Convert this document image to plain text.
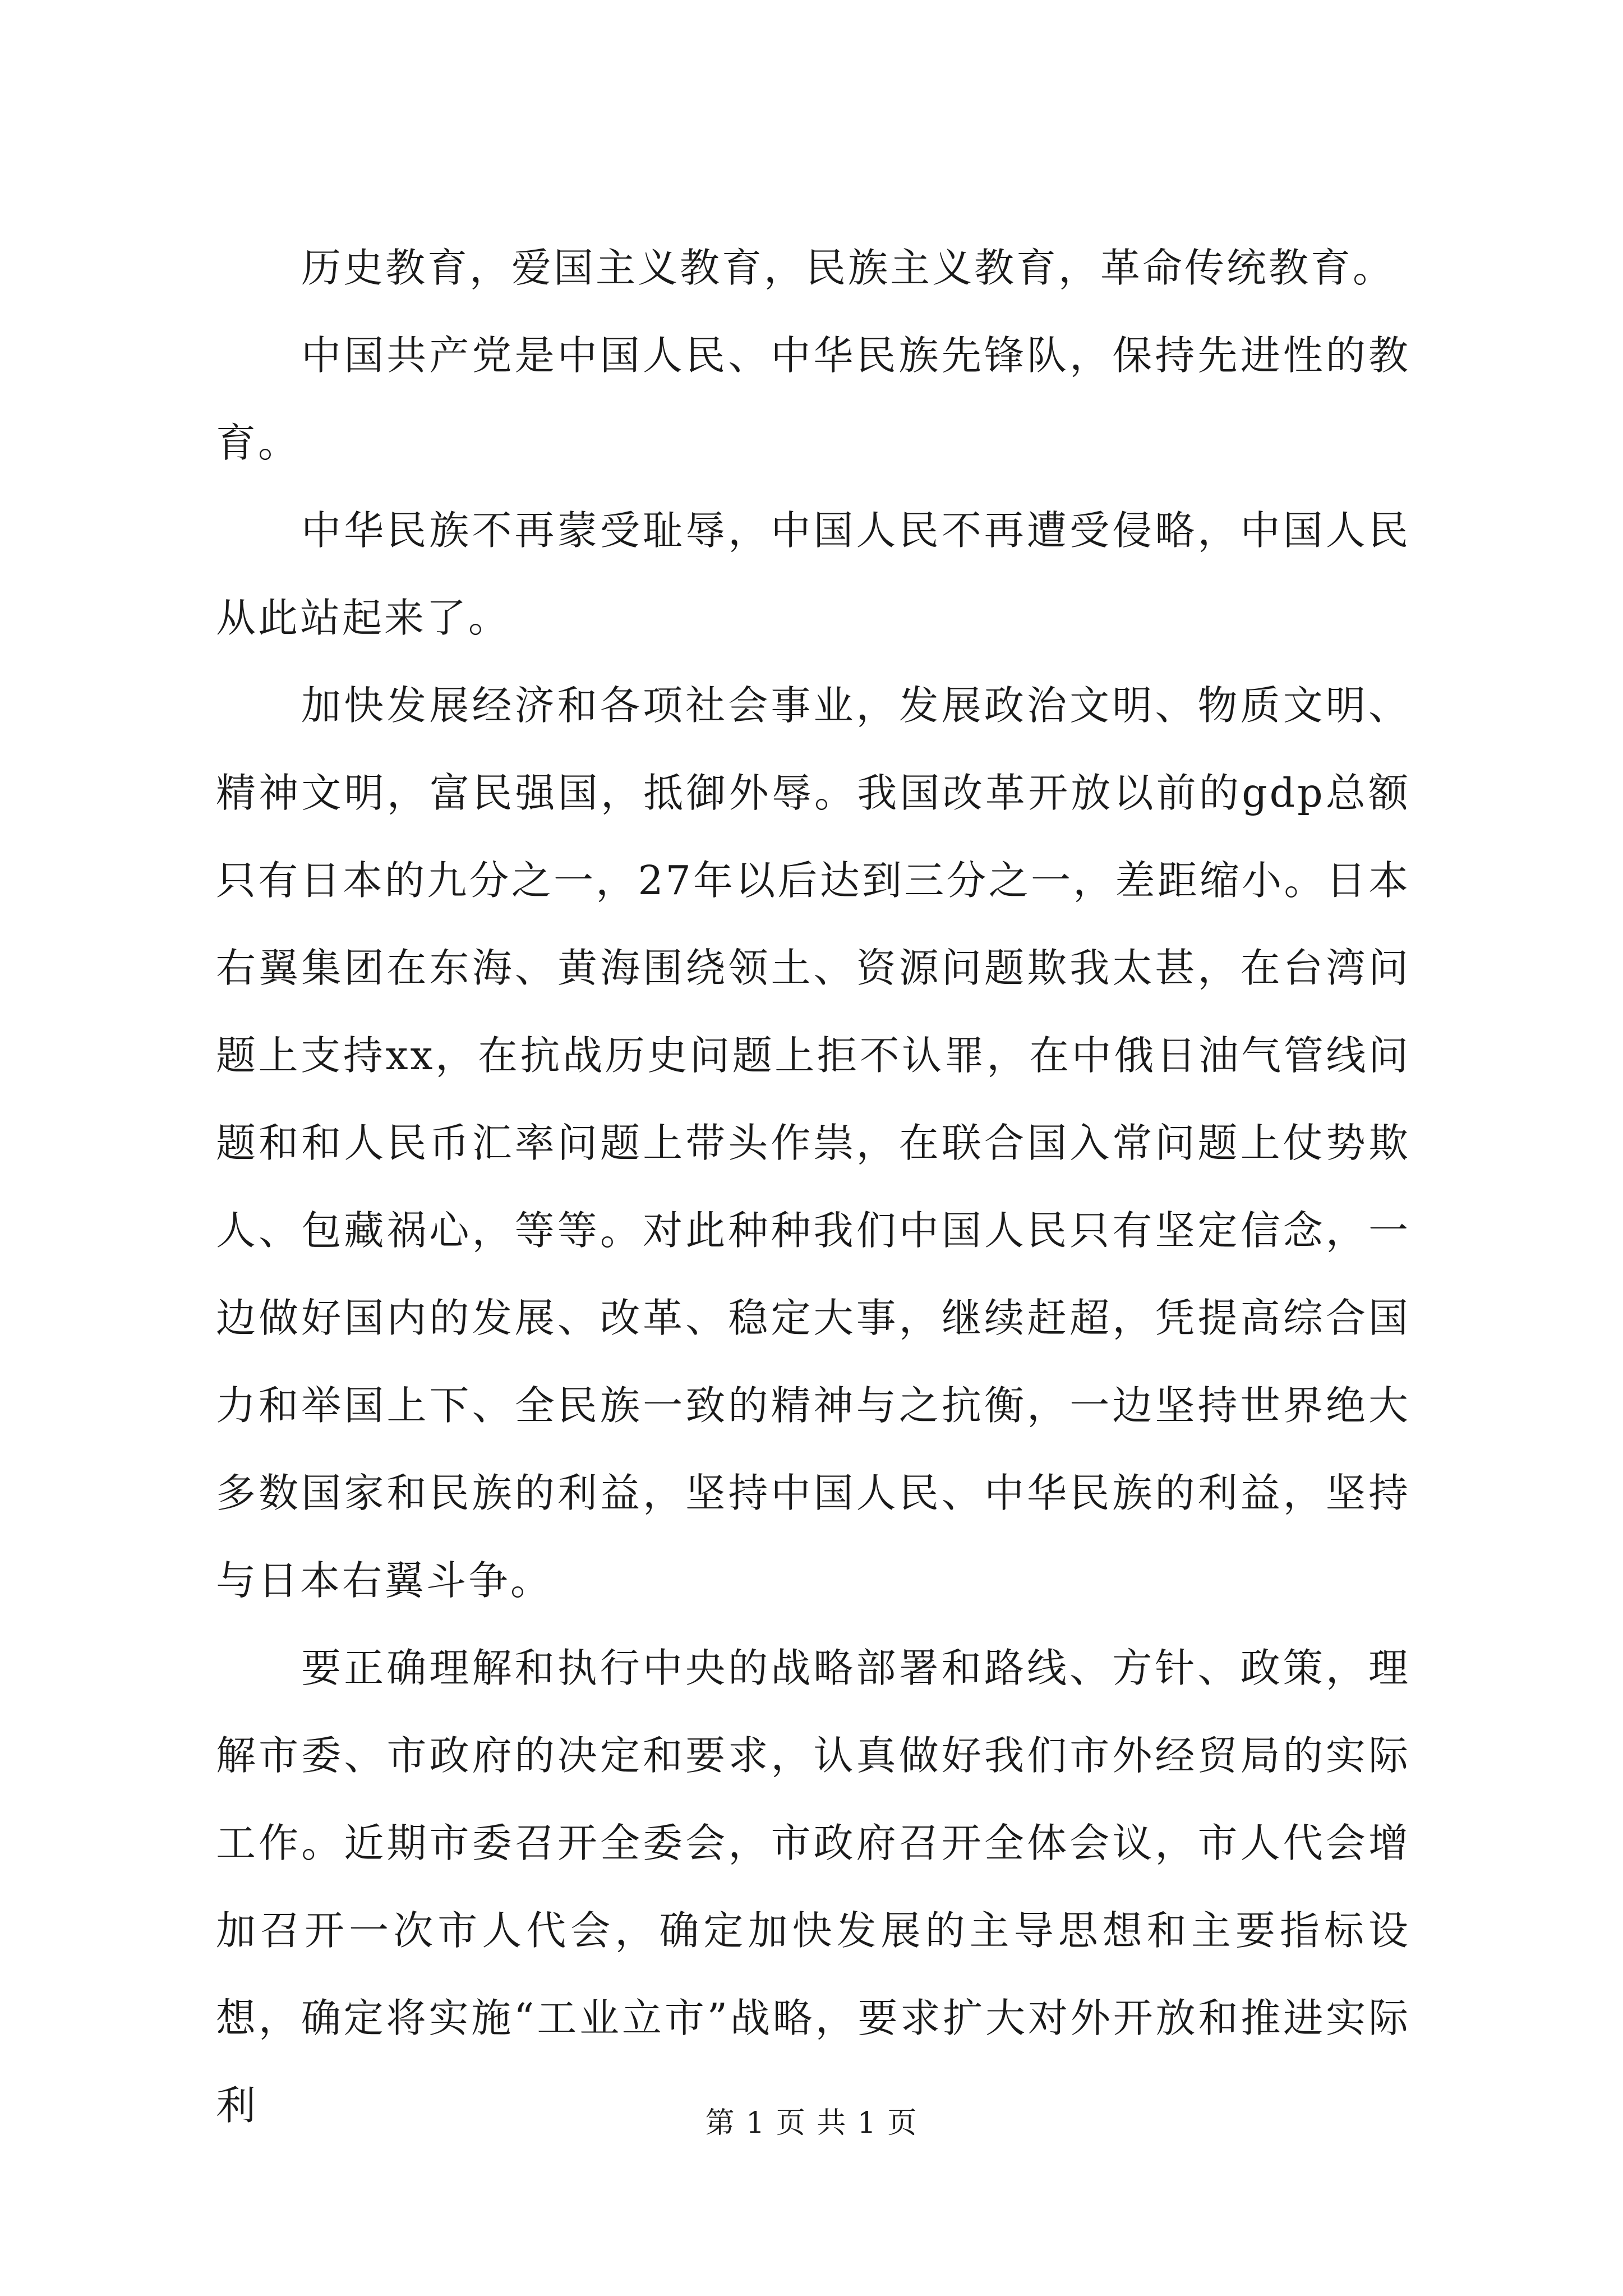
历史教育，爱国主义教育，民族主义教育，革命传统教育。

中国共产党是中国人民、中华民族先锋队，保持先进性的教育。

中华民族不再蒙受耻辱，中国人民不再遭受侵略，中国人民从此站起来了。

加快发展经济和各项社会事业，发展政治文明、物质文明、精神文明，富民强国，抵御外辱。我国改革开放以前的gdp总额只有日本的九分之一，27年以后达到三分之一，差距缩小。日本右翼集团在东海、黄海围绕领土、资源问题欺我太甚，在台湾问题上支持xx，在抗战历史问题上拒不认罪，在中俄日油气管线问题和和人民币汇率问题上带头作祟，在联合国入常问题上仗势欺人、包藏祸心，等等。对此种种我们中国人民只有坚定信念，一边做好国内的发展、改革、稳定大事，继续赶超，凭提高综合国力和举国上下、全民族一致的精神与之抗衡，一边坚持世界绝大多数国家和民族的利益，坚持中国人民、中华民族的利益，坚持与日本右翼斗争。

要正确理解和执行中央的战略部署和路线、方针、政策，理解市委、市政府的决定和要求，认真做好我们市外经贸局的实际工作。近期市委召开全委会，市政府召开全体会议，市人代会增加召开一次市人代会，确定加快发展的主导思想和主要指标设想，确定将实施“工业立市”战略，要求扩大对外开放和推进实际利	第 1 页 共 1 页
